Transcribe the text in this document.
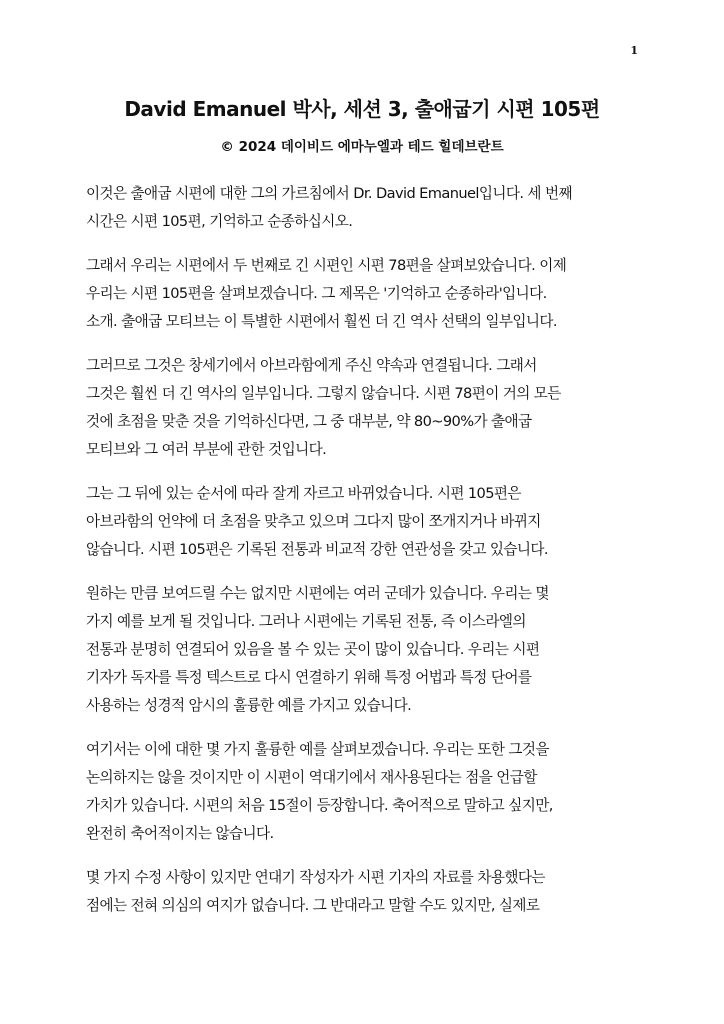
1
David Emanuel 박사, 세션 3, 출애굽기 시편 105편
© 2024 데이비드 에마누엘과 테드 힐데브란트

이것은 출애굽 시편에 대한 그의 가르침에서 Dr. David Emanuel입니다. 세 번째
시간은 시편 105편, 기억하고 순종하십시오.

그래서 우리는 시편에서 두 번째로 긴 시편인 시편 78편을 살펴보았습니다. 이제
우리는 시편 105편을 살펴보겠습니다. 그 제목은 '기억하고 순종하라'입니다.
소개. 출애굽 모티브는 이 특별한 시편에서 훨씬 더 긴 역사 선택의 일부입니다.

그러므로 그것은 창세기에서 아브라함에게 주신 약속과 연결됩니다. 그래서
그것은 훨씬 더 긴 역사의 일부입니다. 그렇지 않습니다. 시편 78편이 거의 모든
것에 초점을 맞춘 것을 기억하신다면, 그 중 대부분, 약 80~90%가 출애굽
모티브와 그 여러 부분에 관한 것입니다.

그는 그 뒤에 있는 순서에 따라 잘게 자르고 바뀌었습니다. 시편 105편은
아브라함의 언약에 더 초점을 맞추고 있으며 그다지 많이 쪼개지거나 바뀌지
않습니다. 시편 105편은 기록된 전통과 비교적 강한 연관성을 갖고 있습니다.

원하는 만큼 보여드릴 수는 없지만 시편에는 여러 군데가 있습니다. 우리는 몇
가지 예를 보게 될 것입니다. 그러나 시편에는 기록된 전통, 즉 이스라엘의
전통과 분명히 연결되어 있음을 볼 수 있는 곳이 많이 있습니다. 우리는 시편
기자가 독자를 특정 텍스트로 다시 연결하기 위해 특정 어법과 특정 단어를
사용하는 성경적 암시의 훌륭한 예를 가지고 있습니다.

여기서는 이에 대한 몇 가지 훌륭한 예를 살펴보겠습니다. 우리는 또한 그것을
논의하지는 않을 것이지만 이 시편이 역대기에서 재사용된다는 점을 언급할
가치가 있습니다. 시편의 처음 15절이 등장합니다. 축어적으로 말하고 싶지만,
완전히 축어적이지는 않습니다.

몇 가지 수정 사항이 있지만 연대기 작성자가 시편 기자의 자료를 차용했다는
점에는 전혀 의심의 여지가 없습니다. 그 반대라고 말할 수도 있지만, 실제로
